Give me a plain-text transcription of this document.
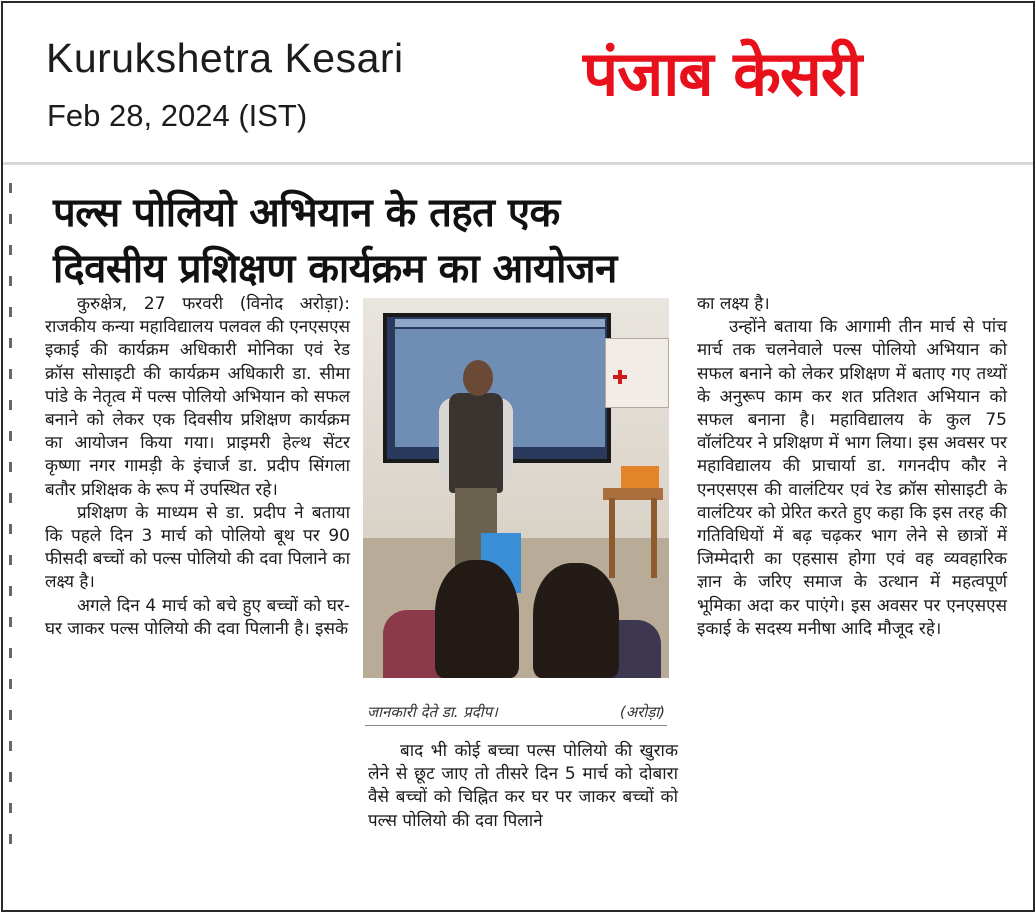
Kurukshetra Kesari
Feb 28, 2024 (IST)
पंजाब केसरी
पल्स पोलियो अभियान के तहत एक
दिवसीय प्रशिक्षण कार्यक्रम का आयोजन

कुरुक्षेत्र, 27 फरवरी (विनोद अरोड़ा): राजकीय कन्या महाविद्यालय पलवल की एनएसएस इकाई की कार्यक्रम अधिकारी मोनिका एवं रेड क्रॉस सोसाइटी की कार्यक्रम अधिकारी डा. सीमा पांडे के नेतृत्व में पल्स पोलियो अभियान को सफल बनाने को लेकर एक दिवसीय प्रशिक्षण कार्यक्रम का आयोजन किया गया। प्राइमरी हेल्थ सेंटर कृष्णा नगर गामड़ी के इंचार्ज डा. प्रदीप सिंगला बतौर प्रशिक्षक के रूप में उपस्थित रहे।

प्रशिक्षण के माध्यम से डा. प्रदीप ने बताया कि पहले दिन 3 मार्च को पोलियो बूथ पर 90 फीसदी बच्चों को पल्स पोलियो की दवा पिलाने का लक्ष्य है।

अगले दिन 4 मार्च को बचे हुए बच्चों को घर-घर जाकर पल्स पोलियो की दवा पिलानी है। इसके

जानकारी देते डा. प्रदीप।	(अरोड़ा)

बाद भी कोई बच्चा पल्स पोलियो की खुराक लेने से छूट जाए तो तीसरे दिन 5 मार्च को दोबारा वैसे बच्चों को चिह्नित कर घर पर जाकर बच्चों को पल्स पोलियो की दवा पिलाने

का लक्ष्य है।

उन्होंने बताया कि आगामी तीन मार्च से पांच मार्च तक चलनेवाले पल्स पोलियो अभियान को सफल बनाने को लेकर प्रशिक्षण में बताए गए तथ्यों के अनुरूप काम कर शत प्रतिशत अभियान को सफल बनाना है। महाविद्यालय के कुल 75 वॉलंटियर ने प्रशिक्षण में भाग लिया। इस अवसर पर महाविद्यालय की प्राचार्या डा. गगनदीप कौर ने एनएसएस की वालंटियर एवं रेड क्रॉस सोसाइटी के वालंटियर को प्रेरित करते हुए कहा कि इस तरह की गतिविधियों में बढ़ चढ़कर भाग लेने से छात्रों में जिम्मेदारी का एहसास होगा एवं वह व्यवहारिक ज्ञान के जरिए समाज के उत्थान में महत्वपूर्ण भूमिका अदा कर पाएंगे। इस अवसर पर एनएसएस इकाई के सदस्य मनीषा आदि मौजूद रहे।
